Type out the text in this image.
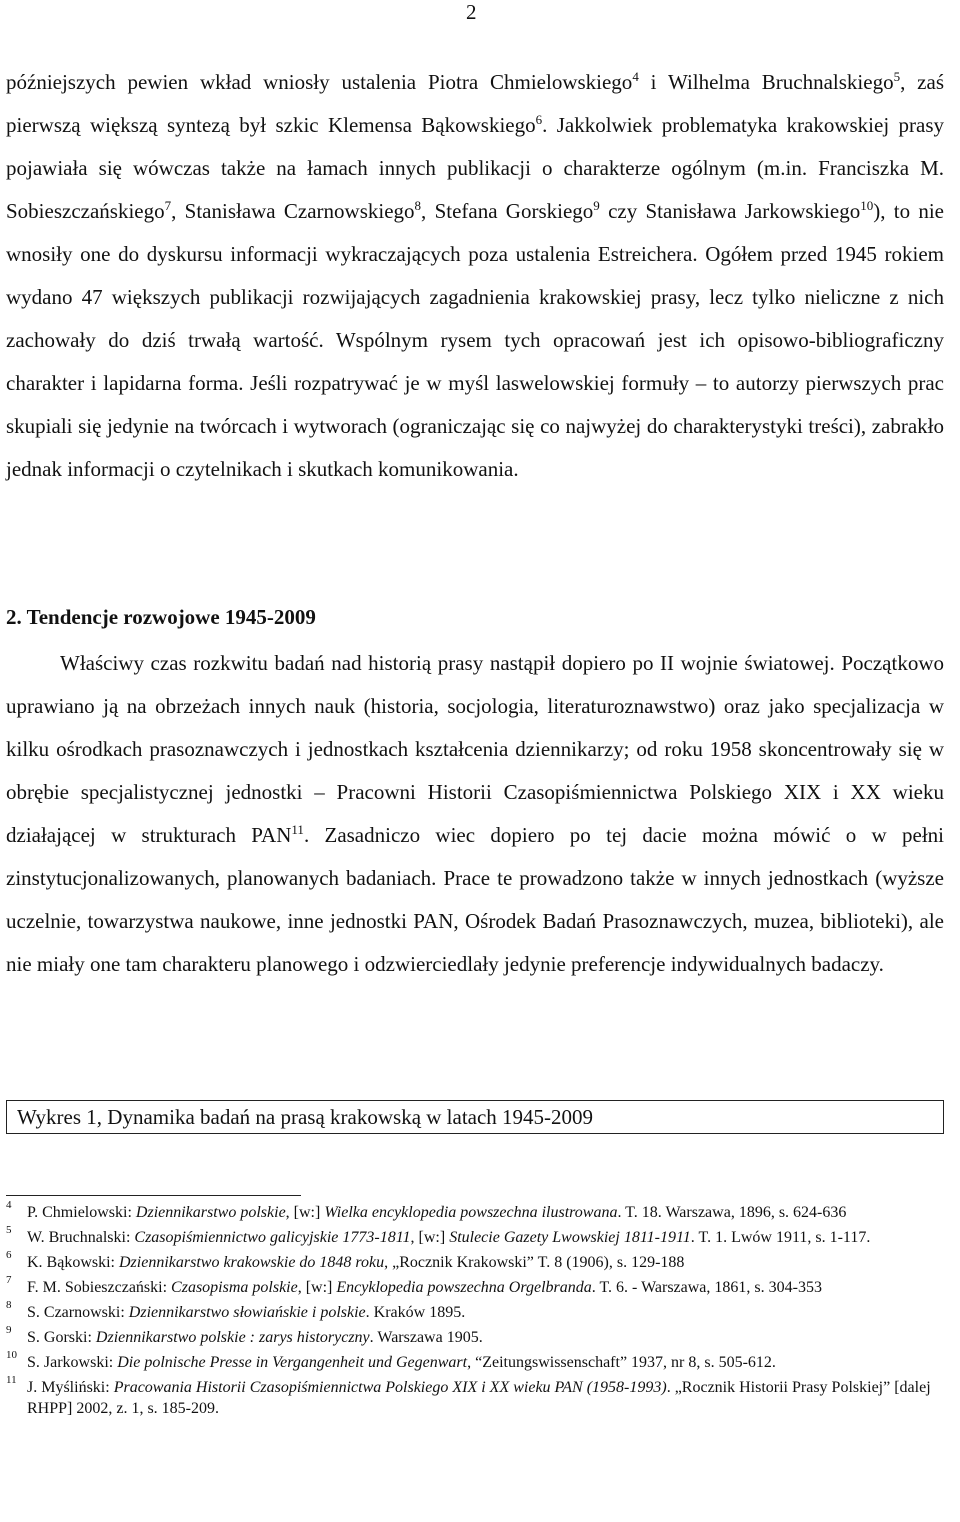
2

późniejszych pewien wkład wniosły ustalenia Piotra Chmielowskiego$^4$ i Wilhelma Bruchnalskiego$^5$, zaś pierwszą większą syntezą był szkic Klemensa Bąkowskiego$^6$. Jakkolwiek problematyka krakowskiej prasy pojawiała się wówczas także na łamach innych publikacji o charakterze ogólnym (m.in. Franciszka M. Sobieszczańskiego$^7$, Stanisława Czarnowskiego$^8$, Stefana Gorskiego$^9$ czy Stanisława Jarkowskiego$^{10}$), to nie wnosiły one do dyskursu informacji wykraczających poza ustalenia Estreichera. Ogółem przed 1945 rokiem wydano 47 większych publikacji rozwijających zagadnienia krakowskiej prasy, lecz tylko nieliczne z nich zachowały do dziś trwałą wartość. Wspólnym rysem tych opracowań jest ich opisowo-bibliograficzny charakter i lapidarna forma. Jeśli rozpatrywać je w myśl laswelowskiej formuły ‒ to autorzy pierwszych prac skupiali się jedynie na twórcach i wytworach (ograniczając się co najwyżej do charakterystyki treści), zabrakło jednak informacji o czytelnikach i skutkach komunikowania.

2. Tendencje rozwojowe 1945-2009

Właściwy czas rozkwitu badań nad historią prasy nastąpił dopiero po II wojnie światowej. Początkowo uprawiano ją na obrzeżach innych nauk (historia, socjologia, literaturoznawstwo) oraz jako specjalizacja w kilku ośrodkach prasoznawczych i jednostkach kształcenia dziennikarzy; od roku 1958 skoncentrowały się w obrębie specjalistycznej jednostki ‒ Pracowni Historii Czasopiśmiennictwa Polskiego XIX i XX wieku działającej w strukturach PAN$^{11}$. Zasadniczo wiec dopiero po tej dacie można mówić o w pełni zinstytucjonalizowanych, planowanych badaniach. Prace te prowadzono także w innych jednostkach (wyższe uczelnie, towarzystwa naukowe, inne jednostki PAN, Ośrodek Badań Prasoznawczych, muzea, biblioteki), ale nie miały one tam charakteru planowego i odzwierciedlały jedynie preferencje indywidualnych badaczy.

Wykres 1, Dynamika badań na prasą krakowską w latach 1945-2009
4 P. Chmielowski: Dziennikarstwo polskie, [w:] Wielka encyklopedia powszechna ilustrowana. T. 18. Warszawa, 1896, s. 624-636
5 W. Bruchnalski: Czasopiśmiennictwo galicyjskie 1773-1811, [w:] Stulecie Gazety Lwowskiej 1811-1911. T. 1. Lwów 1911, s. 1-117.
6 K. Bąkowski: Dziennikarstwo krakowskie do 1848 roku, „Rocznik Krakowski” T. 8 (1906), s. 129-188
7 F. M. Sobieszczański: Czasopisma polskie, [w:] Encyklopedia powszechna Orgelbranda. T. 6. - Warszawa, 1861, s. 304-353
8 S. Czarnowski: Dziennikarstwo słowiańskie i polskie. Kraków 1895.
9 S. Gorski: Dziennikarstwo polskie : zarys historyczny. Warszawa 1905.
10 S. Jarkowski: Die polnische Presse in Vergangenheit und Gegenwart, “Zeitungswissenschaft” 1937, nr 8, s. 505-612.
11 J. Myśliński: Pracowania Historii Czasopiśmiennictwa Polskiego XIX i XX wieku PAN (1958-1993). „Rocznik Historii Prasy Polskiej” [dalej RHPP] 2002, z. 1, s. 185-209.
